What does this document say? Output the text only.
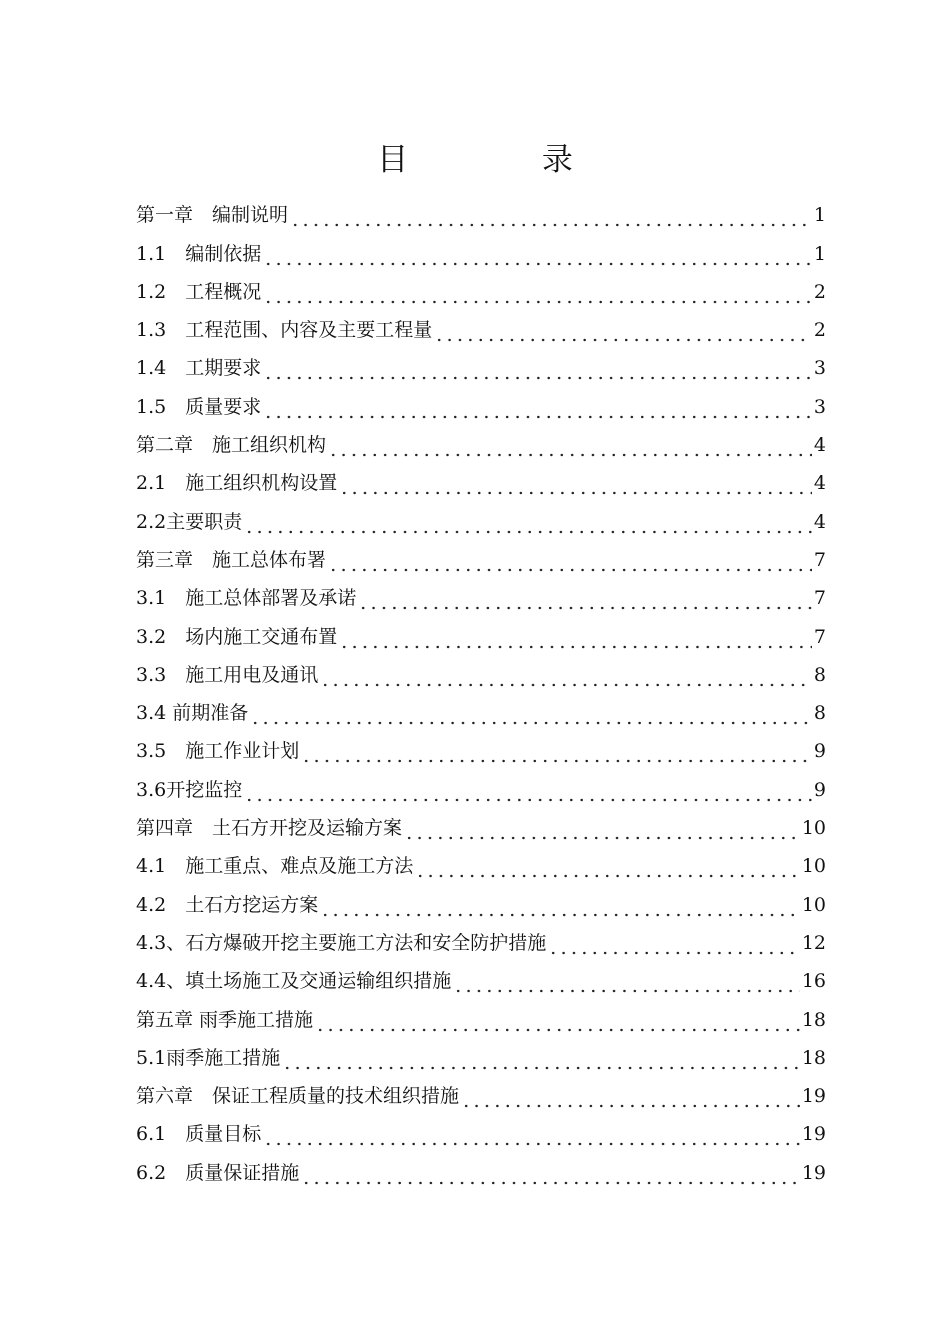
目 录
第一章　编制说明	1
1.1　编制依据	1
1.2　工程概况	2
1.3　工程范围、内容及主要工程量	2
1.4　工期要求	3
1.5　质量要求	3
第二章　施工组织机构	4
2.1　施工组织机构设置	4
2.2主要职责	4
第三章　施工总体布署	7
3.1　施工总体部署及承诺	7
3.2　场内施工交通布置	7
3.3　施工用电及通讯	8
3.4 前期准备	8
3.5　施工作业计划	9
3.6开挖监控	9
第四章　土石方开挖及运输方案	10
4.1　施工重点、难点及施工方法	10
4.2　土石方挖运方案	10
4.3、石方爆破开挖主要施工方法和安全防护措施	12
4.4、填土场施工及交通运输组织措施	16
第五章 雨季施工措施	18
5.1雨季施工措施	18
第六章　保证工程质量的技术组织措施	19
6.1　质量目标	19
6.2　质量保证措施	19
